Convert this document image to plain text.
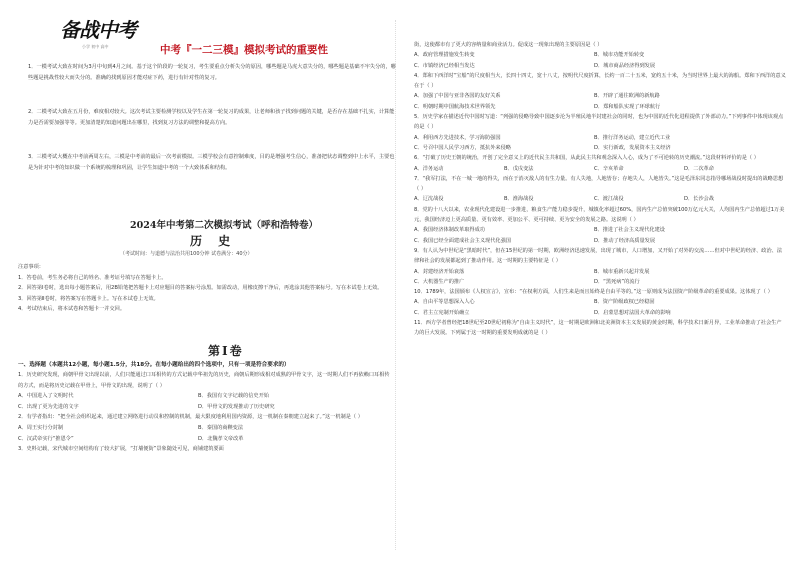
备战中考
小学 初中 高中	中考『一二三模』模拟考试的重要性
1．一模考试大致在时间为3月中旬到4月之间。基于这个阶段的一轮复习，考生要重点分析失分的原因，哪些题是马虎大意失分的，哪些题是基础不牢失分的，哪些题是挑战性较大而失分的。准确的找到原因才能对症下药，进行有针对性的复习。
2．二模考试大致在五月份，难度相对较大。这次考试主要检测学校以及学生在第一轮复习的成果，让老师和孩子找到问题的关键，是否存在基础不扎实，计算能力是否需要加强等等。更加清楚的知道问题出在哪里，找到复习方法的调整和提高方向。
3．三模考试大概在中考前两周左右，三模是中考前的最后一次考前模拟。三模学校会有意控制难度，目的是增强考生信心，准备把状态调整到中上水平，主要也是为针对中考的知识做一个系统的梳理和巩固，让学生知道中考的一个大致体系和结构。
2024年中考第二次模拟考试（呼和浩特卷）
历 史
（考试时间：与道德与法治共用100分钟 试卷满分：40分）
注意事项：
1．答卷前，考生务必将自己的姓名、准考证号填写在答题卡上。
2．回答第Ⅰ卷时，选出每小题答案后，用2B铅笔把答题卡上对应题目的答案标号涂黑。如需改动，用橡皮擦干净后，再选涂其他答案标号。写在本试卷上无效。
3．回答第Ⅱ卷时，将答案写在答题卡上。写在本试卷上无效。
4．考试结束后，将本试卷和答题卡一并交回。
第Ⅰ卷
一、选择题（本题共12小题，每小题1.5分，共18分。在每小题给出的四个选项中，只有一项是符合要求的）
1．历史研究发现，商朝甲骨文出现以前，人们只能通过口耳相传的方式记载中华祖先的历史，商朝后期形成相对成熟的甲骨文字，这一时期人们不再依赖口耳相传的方式，而是将历史记载在甲骨上，甲骨文的出现，说明了（ ）
A．中国进入了文明时代	B．我国有文字记载的信史开始 C．出现了更为先进的文字	D．甲骨文的发现推动了历史研究
2．有学者指出：“把全社会组织起来，通过建立网络进行动员和控制的机制，最大限度地利用国内资源，这一机制在秦朝建立起来了。”这一机制是（ ）
A．周王实行分封制	B．秦国的商鞅变法 C．汉武帝实行“推恩令”	D．北魏孝文帝改革
3．史料记载，宋代城市空间结构有了较大扩展，“打墙便街”景象随处可见，商铺建筑要面
街，这使都市有了更大的容纳量和商业活力。促成这一现象出现的主要原因是（ ）
A．政府管理措施发生转变	B．城市功能开始转变 C．市镇经济已经相当发达	D．城市商品经济得到发展
4．郑和下西洋时“宝船”的尺度相当大，长四十四丈，宽十八丈，按明代尺度折算，长约一百二十五米，宽约五十米，为当时世界上最大的海船。郑和下西洋的意义在于（ ）
A．加强了中国与亚非各国的友好关系	B．开辟了通往欧洲的新航路 C．明朝时期中国航海技术世界领先	D．郑和船队实现了环球航行
5．历史学家在描述近代中国时写道：“列强的侵略导致中国逐步沦为半殖民地半封建社会的同时，也为中国的近代化进程提供了外部动力。”下列事件中体现该观点的是（ ）
A．利用西方先进技术，学习海防强国	B．推行洋务运动，建立近代工业 C．号召中国人民学习西方，抵抗外来侵略	D．实行新政，发展资本主义经济
6．“打破了历史王朝的统治，开创了完全意义上的近代民主共和国，从此民主共和观念深入人心，成为了不可逆转的历史潮流。”这段材料评价的是（ ）
A．洋务运动	B．戊戌变法	C．辛亥革命	D．二次革命
7．“我军打法，不在一城一地的得失，而在于消灭敌人的有生力量。有人失地，人地皆存；存地失人，人地皆失。”这是毛泽东同志指导哪场战役时提出的战略思想（ ）
A．辽沈战役	B．淮海战役	C．渡江战役	D．长沙会战
8．党的十八大以来，农业现代化建设进一步推进，粮食生产能力稳步提升，城镇化率超过60%，国内生产总值突破100万亿元大关，人均国内生产总值超过1万美元，我国经济迈上更高质量、更有效率、更加公平、更可持续、更为安全的发展之路。这说明（ ）
A．我国经济体制改革取得成功	B．推进了社会主义现代化建设 C．我国已经全面建成社会主义现代化强国	D．推动了经济高质量发展
9．有人认为中世纪是“黑暗时代”，但在15世纪的第一时期，欧洲经济迅速发展，出现了城市，人口增加，又开始了对外的交流……但对中世纪的经济、政治、法律和社会的发展都起到了推动作用。这一时期的主要特征是（ ）
A．封建经济开始衰落	B．城市重新兴起并发展 C．大机器生产的推广	D．“黑死病”的流行
10．1789年，法国颁布《人权宣言》，宣布：“在权利方面，人们生来是而且始终是自由平等的。”这一原则成为法国资产阶级革命的重要成果。这体现了（ ）
A．自由平等思想深入人心	B．资产阶级政权已经稳固 C．君主立宪制开始确立	D．启蒙思想对法国大革命的影响
11．西方学者曾经把18世纪至20世纪初称为“自由主义时代”，这一时期是欧洲和北美洲资本主义发展的黄金时期，科学技术日新月异，工业革命推动了社会生产力的巨大发展。下列属于这一时期的重要发明成就的是（ ）
